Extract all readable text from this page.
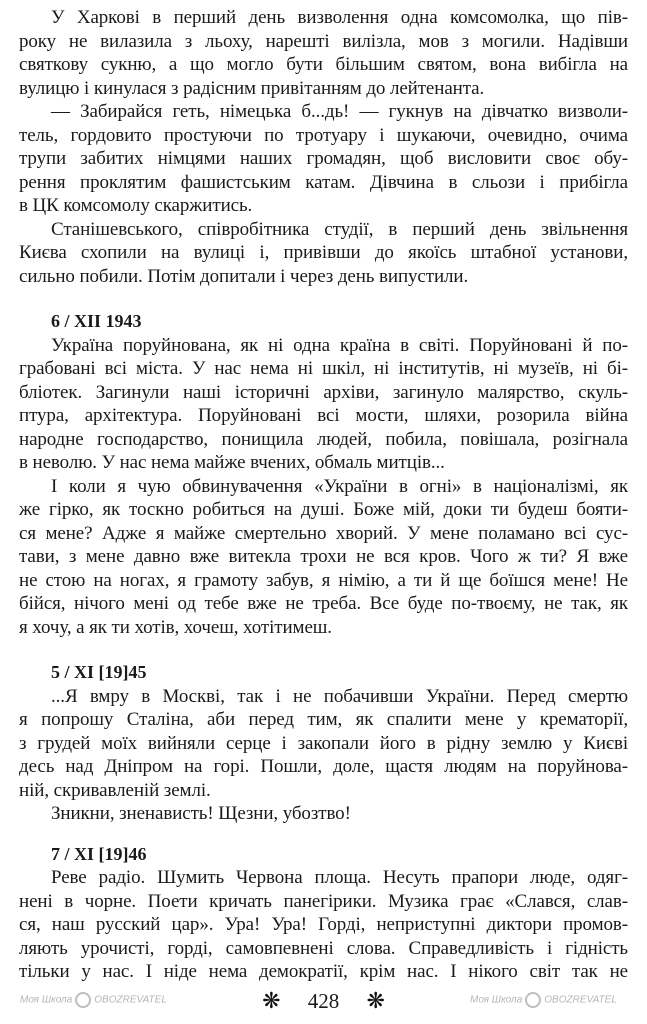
Моя Школа OBOZREVATEL	Моя Школа OBOZREVATEL
У Харкові в перший день визволення одна комсомолка, що пів-
року не вилазила з льоху, нарешті вилізла, мов з могили. Надівши
святкову сукню, а що могло бути більшим святом, вона вибігла на
вулицю і кинулася з радісним привітанням до лейтенанта.
— Забирайся геть, німецька б...дь! — гукнув на дівчатко визволи-
тель, гордовито простуючи по тротуару і шукаючи, очевидно, очима
трупи забитих німцями наших громадян, щоб висловити своє обу-
рення проклятим фашистським катам. Дівчина в сльози і прибігла
в ЦК комсомолу скаржитись.
Станішевського, співробітника студії, в перший день звільнення
Києва схопили на вулиці і, привівши до якоїсь штабної установи,
сильно побили. Потім допитали і через день випустили.
6 / XII 1943
Україна поруйнована, як ні одна країна в світі. Поруйновані й по-
грабовані всі міста. У нас нема ні шкіл, ні інститутів, ні музеїв, ні бі-
бліотек. Загинули наші історичні архіви, загинуло малярство, скуль-
птура, архітектура. Поруйновані всі мости, шляхи, розорила війна
народне господарство, понищила людей, побила, повішала, розігнала
в неволю. У нас нема майже вчених, обмаль митців...
І коли я чую обвинувачення «України в огні» в націоналізмі, як
же гірко, як тоскно робиться на душі. Боже мій, доки ти будеш бояти-
ся мене? Адже я майже смертельно хворий. У мене поламано всі сус-
тави, з мене давно вже витекла трохи не вся кров. Чого ж ти? Я вже
не стою на ногах, я грамоту забув, я німію, а ти й ще боїшся мене! Не
бійся, нічого мені од тебе вже не треба. Все буде по-твоєму, не так, як
я хочу, а як ти хотів, хочеш, хотітимеш.
5 / XI [19]45
...Я вмру в Москві, так і не побачивши України. Перед смертю
я попрошу Сталіна, аби перед тим, як спалити мене у крематорії,
з грудей моїх вийняли серце і закопали його в рідну землю у Києві
десь над Дніпром на горі. Пошли, доле, щастя людям на поруйнова-
ній, скривавленій землі.
Зникни, зненависть! Щезни, убозтво!
7 / XI [19]46
Реве радіо. Шумить Червона площа. Несуть прапори люде, одяг-
нені в чорне. Поети кричать панегірики. Музика грає «Слався, слав-
ся, наш русский цар». Ура! Ура! Горді, неприступні диктори промов-
ляють урочисті, горді, самовпевнені слова. Справедливість і гідність
тільки у нас. І ніде нема демократії, крім нас. І нікого світ так не
❋ 428 ❋
